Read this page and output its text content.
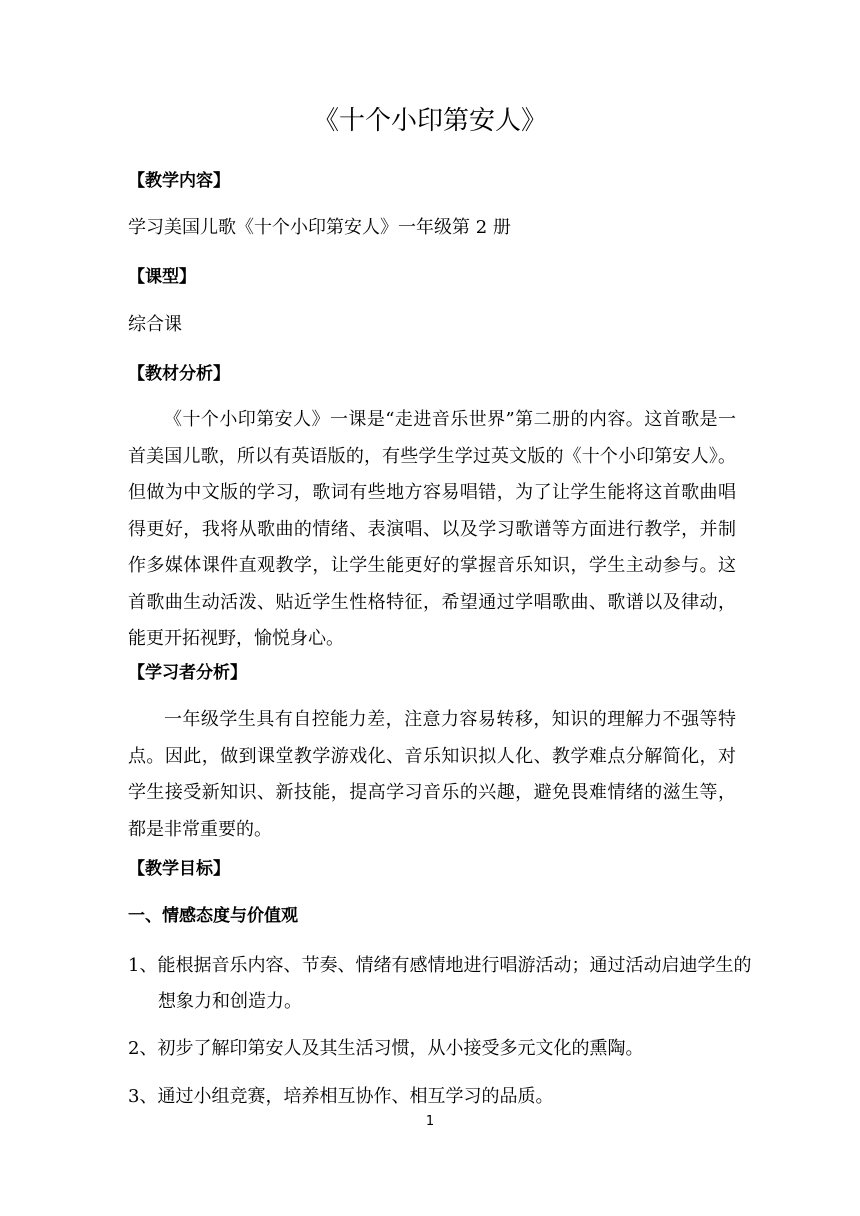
《十个小印第安人》

【教学内容】

学习美国儿歌《十个小印第安人》一年级第 2 册

【课型】

综合课

【教材分析】

《十个小印第安人》一课是“走进音乐世界”第二册的内容。这首歌是一首美国儿歌，所以有英语版的，有些学生学过英文版的《十个小印第安人》。但做为中文版的学习，歌词有些地方容易唱错，为了让学生能将这首歌曲唱得更好，我将从歌曲的情绪、表演唱、以及学习歌谱等方面进行教学，并制作多媒体课件直观教学，让学生能更好的掌握音乐知识，学生主动参与。这首歌曲生动活泼、贴近学生性格特征，希望通过学唱歌曲、歌谱以及律动，能更开拓视野，愉悦身心。

【学习者分析】

一年级学生具有自控能力差，注意力容易转移，知识的理解力不强等特点。因此，做到课堂教学游戏化、音乐知识拟人化、教学难点分解简化，对学生接受新知识、新技能，提高学习音乐的兴趣，避免畏难情绪的滋生等，都是非常重要的。

【教学目标】

一、情感态度与价值观

1、能根据音乐内容、节奏、情绪有感情地进行唱游活动；通过活动启迪学生的想象力和创造力。

2、初步了解印第安人及其生活习惯，从小接受多元文化的熏陶。

3、通过小组竞赛，培养相互协作、相互学习的品质。

1
